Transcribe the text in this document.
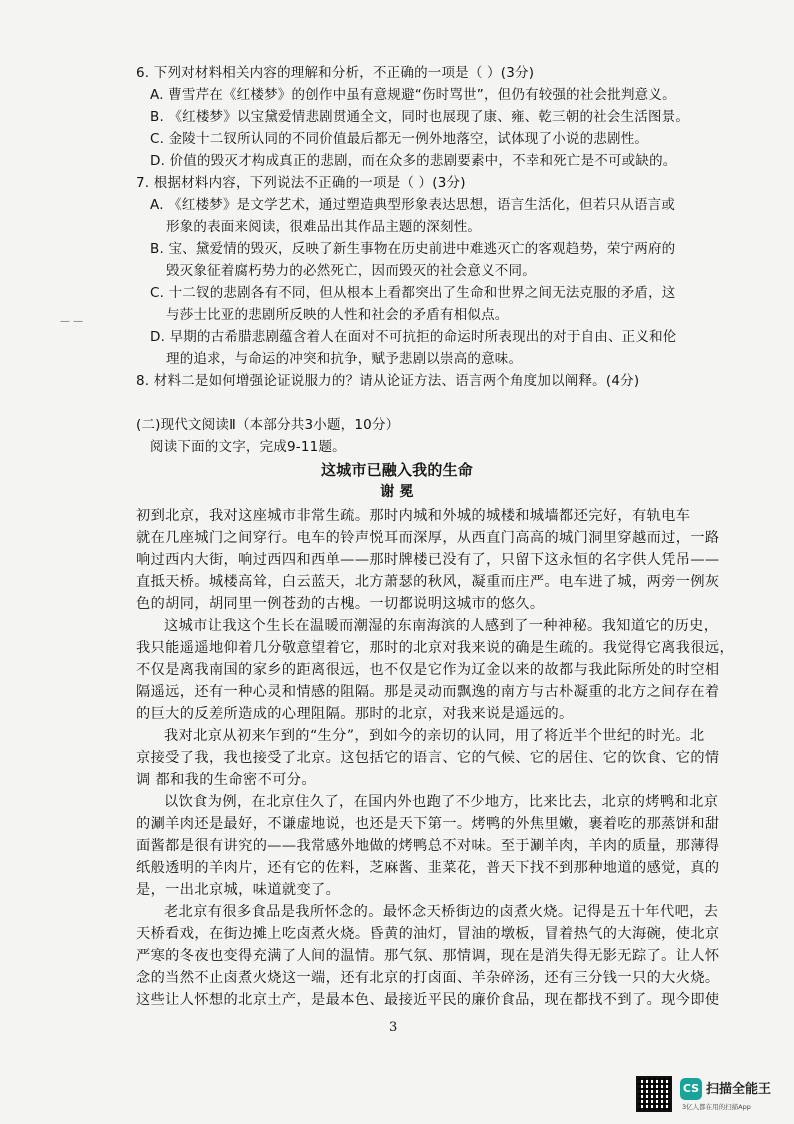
6. 下列对材料相关内容的理解和分析，不正确的一项是（ ）(3分)
A. 曹雪芹在《红楼梦》的创作中虽有意规避“伤时骂世”，但仍有较强的社会批判意义。
B. 《红楼梦》以宝黛爱情悲剧贯通全文，同时也展现了康、雍、乾三朝的社会生活图景。
C. 金陵十二钗所认同的不同价值最后都无一例外地落空，试体现了小说的悲剧性。
D. 价值的毁灭才构成真正的悲剧，而在众多的悲剧要素中，不幸和死亡是不可或缺的。
7. 根据材料内容，下列说法不正确的一项是（ ）(3分)
A. 《红楼梦》是文学艺术，通过塑造典型形象表达思想，语言生活化，但若只从语言或
形象的表面来阅读，很难品出其作品主题的深刻性。
B. 宝、黛爱情的毁灭，反映了新生事物在历史前进中难逃灭亡的客观趋势，荣宁两府的
毁灭象征着腐朽势力的必然死亡，因而毁灭的社会意义不同。
C. 十二钗的悲剧各有不同，但从根本上看都突出了生命和世界之间无法克服的矛盾，这
与莎士比亚的悲剧所反映的人性和社会的矛盾有相似点。
— —
D. 早期的古希腊悲剧蕴含着人在面对不可抗拒的命运时所表现出的对于自由、正义和伦
理的追求，与命运的冲突和抗争，赋予悲剧以崇高的意味。
8. 材料二是如何增强论证说服力的？请从论证方法、语言两个角度加以阐释。(4分)
(二)现代文阅读Ⅱ（本部分共3小题，10分）
阅读下面的文字，完成9-11题。
这城市已融入我的生命
谢 冕
初到北京，我对这座城市非常生疏。那时内城和外城的城楼和城墙都还完好，有轨电车
就在几座城门之间穿行。电车的铃声悦耳而深厚，从西直门高高的城门洞里穿越而过，一路
响过西内大街，响过西四和西单——那时牌楼已没有了，只留下这永恒的名字供人凭吊——
直抵天桥。城楼高耸，白云蓝天，北方萧瑟的秋风，凝重而庄严。电车进了城，两旁一例灰
色的胡同，胡同里一例苍劲的古槐。一切都说明这城市的悠久。
这城市让我这个生长在温暖而潮湿的东南海滨的人感到了一种神秘。我知道它的历史，
我只能遥遥地仰着几分敬意望着它，那时的北京对我来说的确是生疏的。我觉得它离我很远，
不仅是离我南国的家乡的距离很远，也不仅是它作为辽金以来的故都与我此际所处的时空相
隔遥远，还有一种心灵和情感的阻隔。那是灵动而飘逸的南方与古朴凝重的北方之间存在着
的巨大的反差所造成的心理阻隔。那时的北京，对我来说是遥远的。
我对北京从初来乍到的“生分”，到如今的亲切的认同，用了将近半个世纪的时光。北
京接受了我，我也接受了北京。这包括它的语言、它的气候、它的居住、它的饮食、它的情
调 都和我的生命密不可分。
以饮食为例，在北京住久了，在国内外也跑了不少地方，比来比去，北京的烤鸭和北京
的涮羊肉还是最好，不谦虚地说，也还是天下第一。烤鸭的外焦里嫩，裹着吃的那蒸饼和甜
面酱都是很有讲究的——我常感外地做的烤鸭总不对味。至于涮羊肉，羊肉的质量，那薄得
纸般透明的羊肉片，还有它的佐料，芝麻酱、韭菜花，普天下找不到那种地道的感觉，真的
是，一出北京城，味道就变了。
老北京有很多食品是我所怀念的。最怀念天桥街边的卤煮火烧。记得是五十年代吧，去
天桥看戏，在街边摊上吃卤煮火烧。昏黄的油灯，冒油的墩板，冒着热气的大海碗，使北京
严寒的冬夜也变得充满了人间的温情。那气氛、那情调，现在是消失得无影无踪了。让人怀
念的当然不止卤煮火烧这一端，还有北京的打卤面、羊杂碎汤，还有三分钱一只的大火烧。
这些让人怀想的北京土产，是最本色、最接近平民的廉价食品，现在都找不到了。现今即使
3
CS 扫描全能王
3亿人都在用的扫描App
